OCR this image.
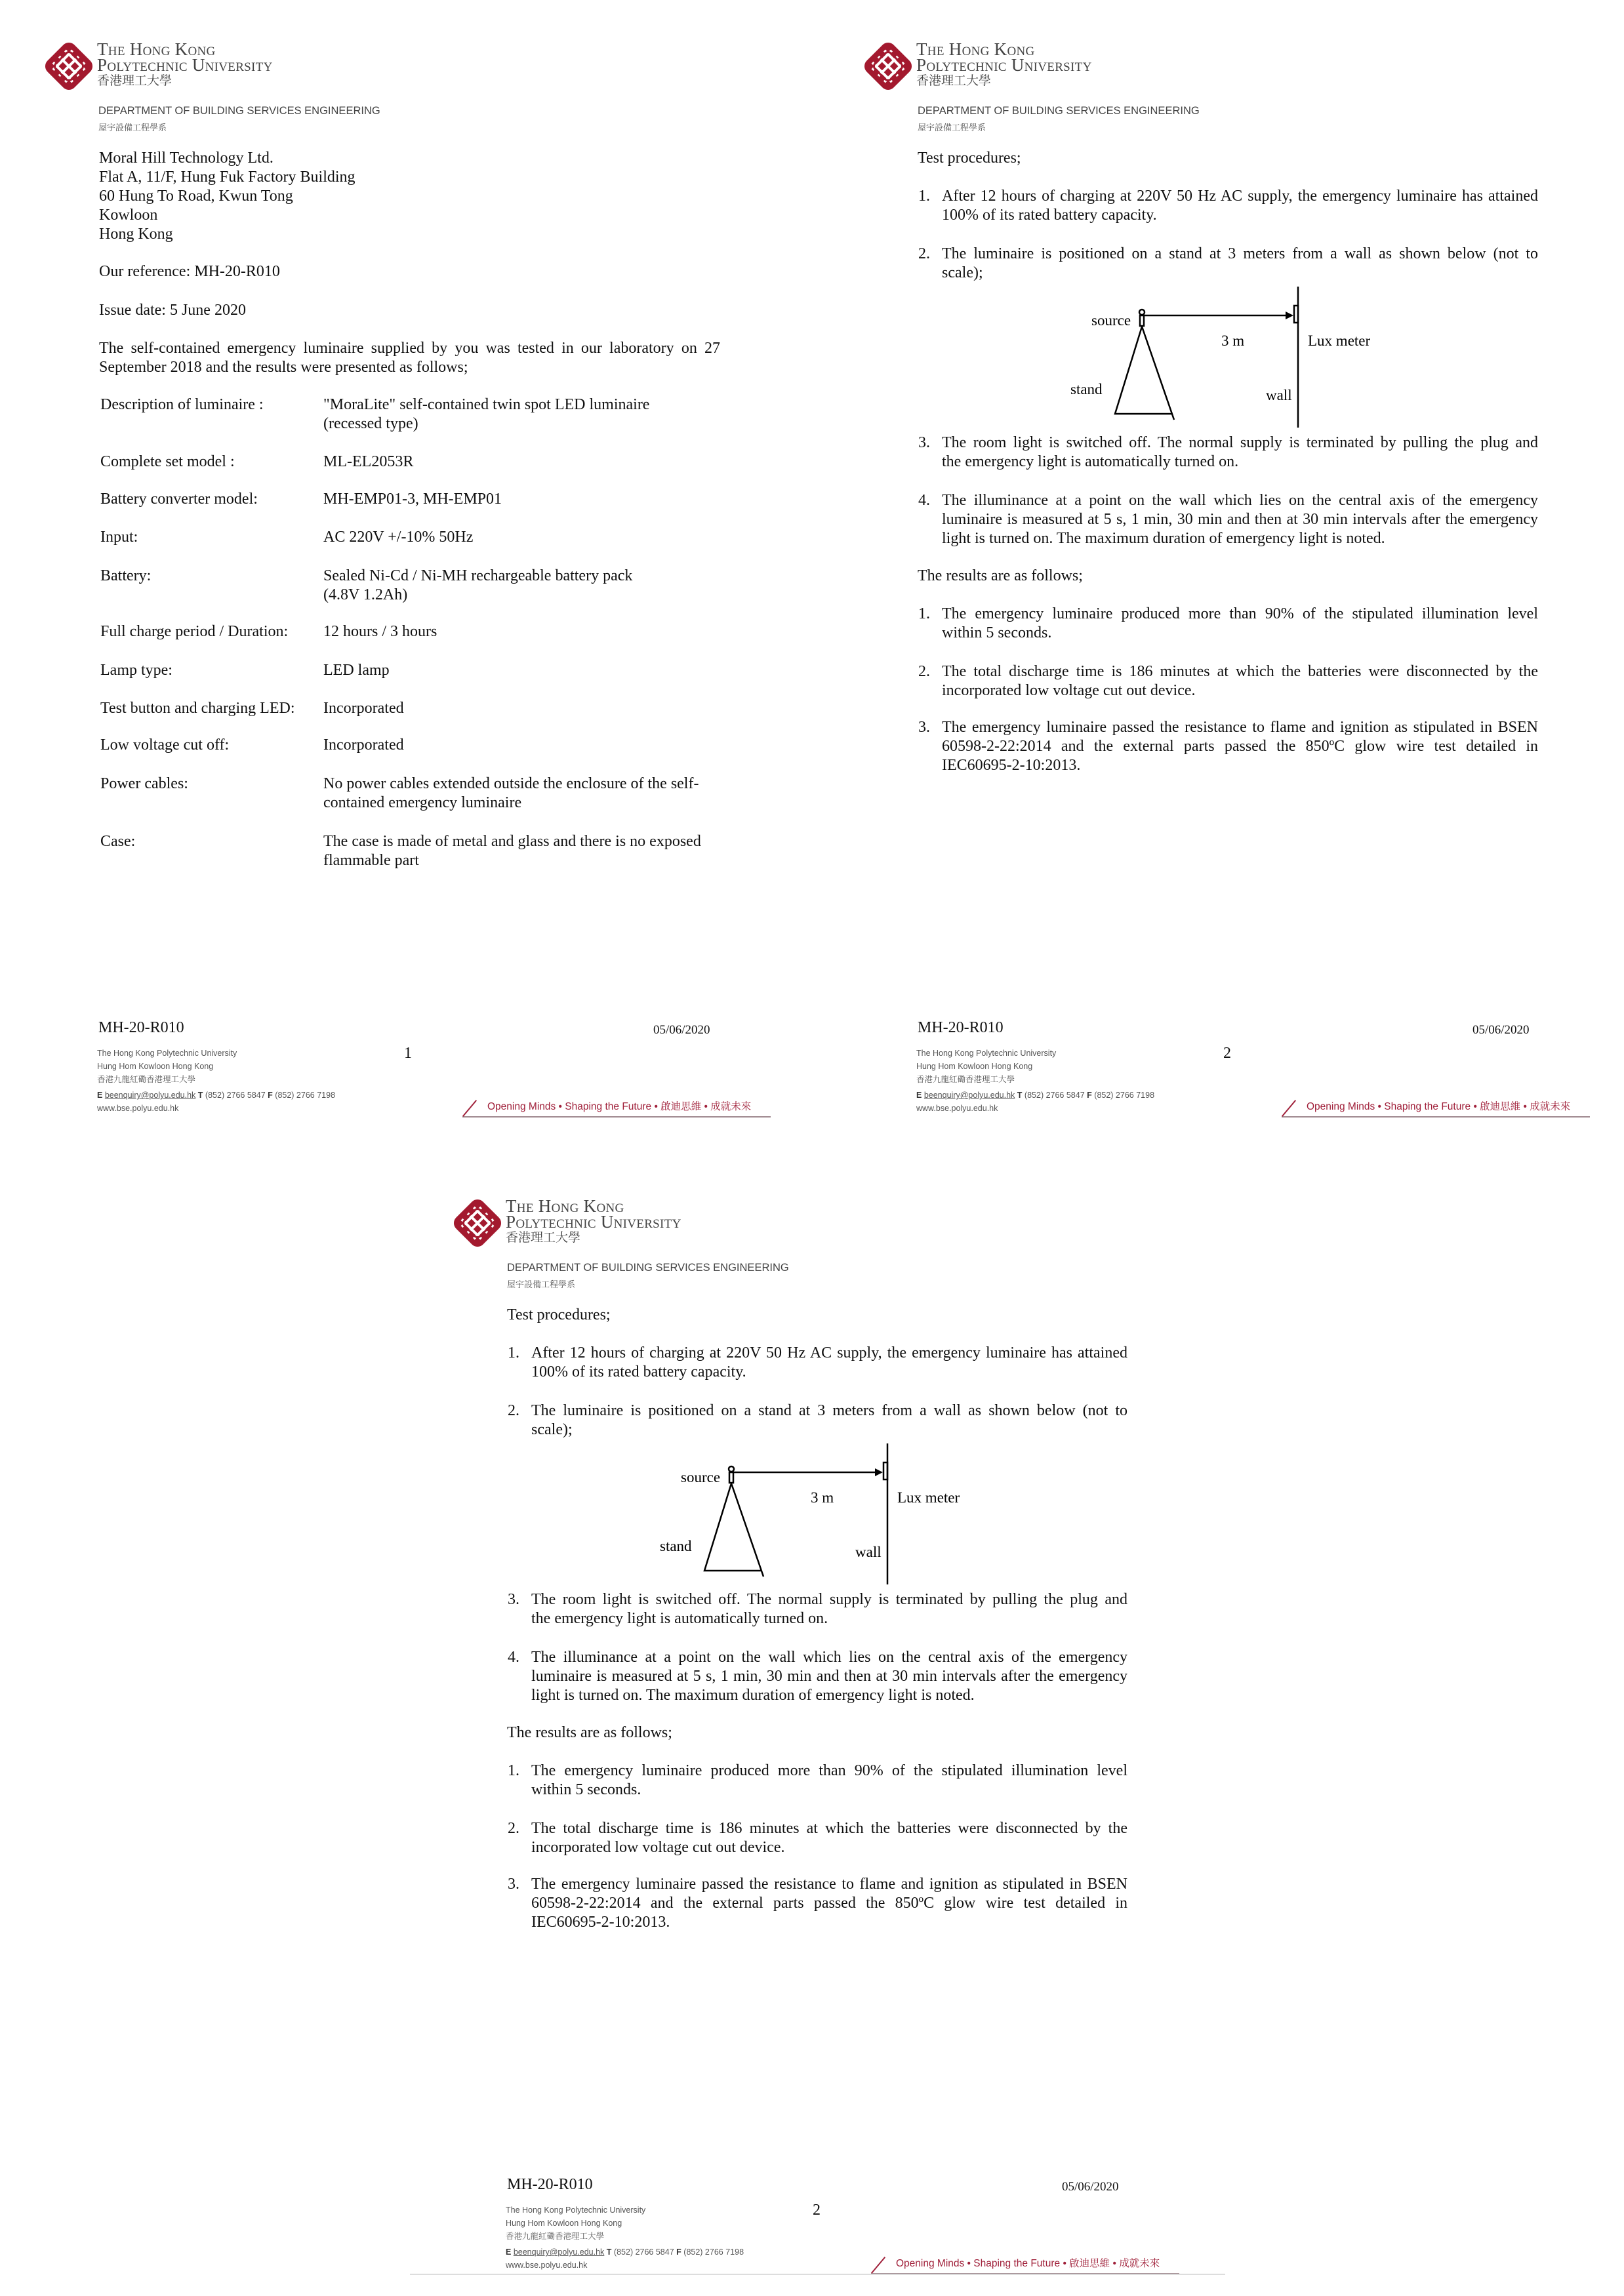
The Hong Kong
Polytechnic University
香港理工大學
DEPARTMENT OF BUILDING SERVICES ENGINEERING
屋宇設備工程學系
Moral Hill Technology Ltd.
Flat A, 11/F, Hung Fuk Factory Building
60 Hung To Road, Kwun Tong
Kowloon
Hong Kong
Our reference: MH-20-R010
Issue date: 5 June 2020
The self-contained emergency luminaire supplied by you was tested in our laboratory on 27
September 2018 and the results were presented as follows;
Description of luminaire :	"MoraLite" self-contained twin spot LED luminaire
(recessed type)
Complete set model :	ML-EL2053R
Battery converter model:	MH-EMP01-3, MH-EMP01
Input:	AC 220V +/-10% 50Hz
Battery:	Sealed Ni-Cd / Ni-MH rechargeable battery pack
(4.8V 1.2Ah)
Full charge period / Duration: 12 hours / 3 hours
Lamp type:	LED lamp
Test button and charging LED: Incorporated
Low voltage cut off:	Incorporated
Power cables:	No power cables extended outside the enclosure of the self-
contained emergency luminaire
Case:	The case is made of metal and glass and there is no exposed
flammable part
MH-20-R010	05/06/2020
1
The Hong Kong Polytechnic University
Hung Hom Kowloon Hong Kong
香港九龍紅磡香港理工大學
E beenquiry@polyu.edu.hk T (852) 2766 5847 F (852) 2766 7198
www.bse.polyu.edu.hk	Opening Minds • Shaping the Future • 啟迪思維 • 成就未來
The Hong Kong
Polytechnic University
香港理工大學
DEPARTMENT OF BUILDING SERVICES ENGINEERING
屋宇設備工程學系
Test procedures;
1. After 12 hours of charging at 220V 50 Hz AC supply, the emergency luminaire has attained
100% of its rated battery capacity.
2. The luminaire is positioned on a stand at 3 meters from a wall as shown below (not to
scale);
3. The room light is switched off. The normal supply is terminated by pulling the plug and
the emergency light is automatically turned on.
4. The illuminance at a point on the wall which lies on the central axis of the emergency
luminaire is measured at 5 s, 1 min, 30 min and then at 30 min intervals after the emergency
light is turned on. The maximum duration of emergency light is noted.
The results are as follows;
1. The emergency luminaire produced more than 90% of the stipulated illumination level
within 5 seconds.
2. The total discharge time is 186 minutes at which the batteries were disconnected by the
incorporated low voltage cut out device.
3. The emergency luminaire passed the resistance to flame and ignition as stipulated in BSEN
60598-2-22:2014 and the external parts passed the 850ºC glow wire test detailed in
IEC60695-2-10:2013.
source
3 m	Lux meter
stand	wall
MH-20-R010	05/06/2020
2
The Hong Kong Polytechnic University
Hung Hom Kowloon Hong Kong
香港九龍紅磡香港理工大學
E beenquiry@polyu.edu.hk T (852) 2766 5847 F (852) 2766 7198
www.bse.polyu.edu.hk	Opening Minds • Shaping the Future • 啟迪思維 • 成就未來
The Hong Kong
Polytechnic University
香港理工大學
DEPARTMENT OF BUILDING SERVICES ENGINEERING
屋宇設備工程學系
Test procedures;
1. After 12 hours of charging at 220V 50 Hz AC supply, the emergency luminaire has attained
100% of its rated battery capacity.
2. The luminaire is positioned on a stand at 3 meters from a wall as shown below (not to
scale);
3. The room light is switched off. The normal supply is terminated by pulling the plug and
the emergency light is automatically turned on.
4. The illuminance at a point on the wall which lies on the central axis of the emergency
luminaire is measured at 5 s, 1 min, 30 min and then at 30 min intervals after the emergency
light is turned on. The maximum duration of emergency light is noted.
The results are as follows;
1. The emergency luminaire produced more than 90% of the stipulated illumination level
within 5 seconds.
2. The total discharge time is 186 minutes at which the batteries were disconnected by the
incorporated low voltage cut out device.
3. The emergency luminaire passed the resistance to flame and ignition as stipulated in BSEN
60598-2-22:2014 and the external parts passed the 850ºC glow wire test detailed in
IEC60695-2-10:2013.
source
3 m	Lux meter
stand	wall
MH-20-R010	05/06/2020
2
The Hong Kong Polytechnic University
Hung Hom Kowloon Hong Kong
香港九龍紅磡香港理工大學
E beenquiry@polyu.edu.hk T (852) 2766 5847 F (852) 2766 7198
www.bse.polyu.edu.hk	Opening Minds • Shaping the Future • 啟迪思維 • 成就未來
